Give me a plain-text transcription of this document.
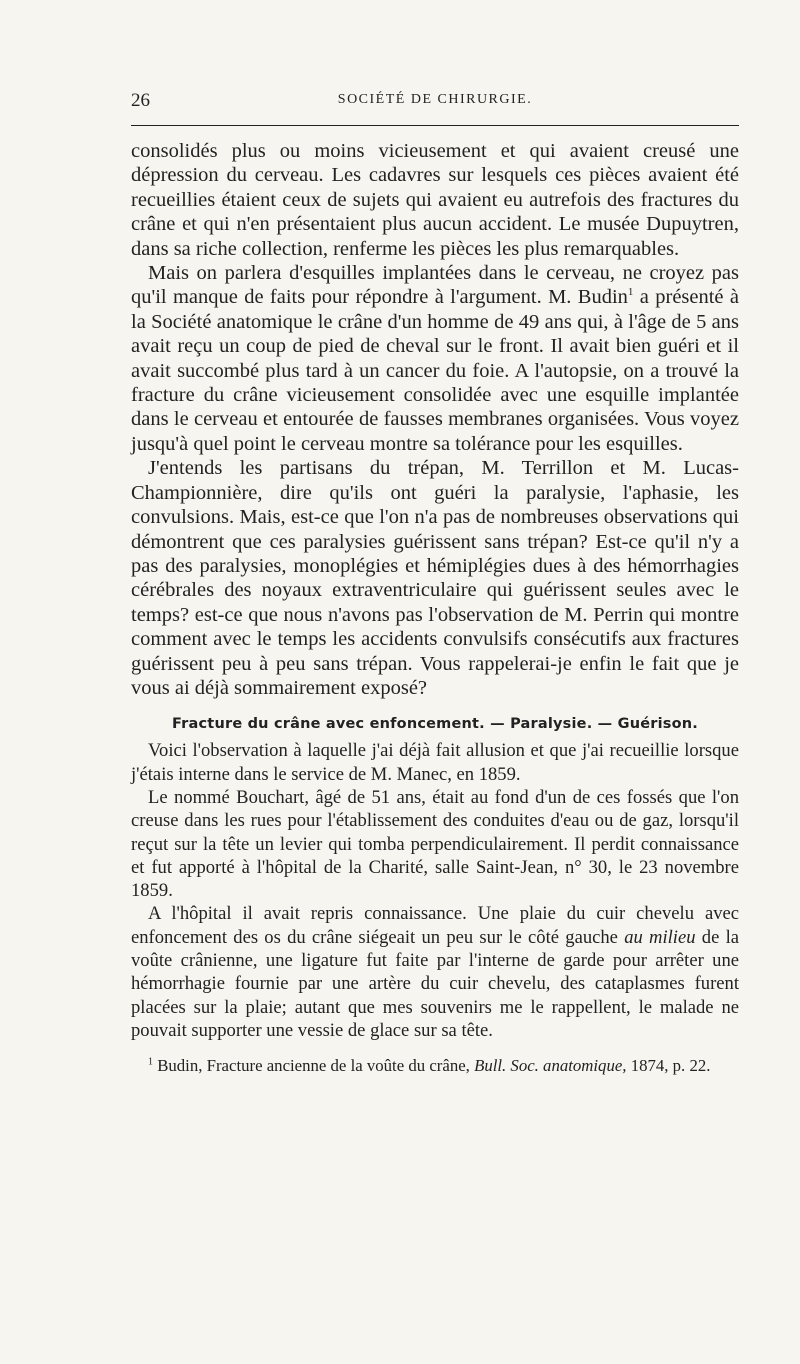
26	SOCIÉTÉ DE CHIRURGIE.

consolidés plus ou moins vicieusement et qui avaient creusé une dépression du cerveau. Les cadavres sur lesquels ces pièces avaient été recueillies étaient ceux de sujets qui avaient eu autrefois des fractures du crâne et qui n'en présentaient plus aucun accident. Le musée Dupuytren, dans sa riche collection, renferme les pièces les plus remarquables.

Mais on parlera d'esquilles implantées dans le cerveau, ne croyez pas qu'il manque de faits pour répondre à l'argument. M. Budin$^1$ a présenté à la Société anatomique le crâne d'un homme de 49 ans qui, à l'âge de 5 ans avait reçu un coup de pied de cheval sur le front. Il avait bien guéri et il avait succombé plus tard à un cancer du foie. A l'autopsie, on a trouvé la fracture du crâne vicieusement consolidée avec une esquille implantée dans le cerveau et entourée de fausses membranes organisées. Vous voyez jusqu'à quel point le cerveau montre sa tolérance pour les esquilles.

J'entends les partisans du trépan, M. Terrillon et M. Lucas-Championnière, dire qu'ils ont guéri la paralysie, l'aphasie, les convulsions. Mais, est-ce que l'on n'a pas de nombreuses observations qui démontrent que ces paralysies guérissent sans trépan? Est-ce qu'il n'y a pas des paralysies, monoplégies et hémiplégies dues à des hémorrhagies cérébrales des noyaux extraventriculaire qui guérissent seules avec le temps? est-ce que nous n'avons pas l'observation de M. Perrin qui montre comment avec le temps les accidents convulsifs consécutifs aux fractures guérissent peu à peu sans trépan. Vous rappelerai-je enfin le fait que je vous ai déjà sommairement exposé?

Fracture du crâne avec enfoncement. — Paralysie. — Guérison.

Voici l'observation à laquelle j'ai déjà fait allusion et que j'ai recueillie lorsque j'étais interne dans le service de M. Manec, en 1859.

Le nommé Bouchart, âgé de 51 ans, était au fond d'un de ces fossés que l'on creuse dans les rues pour l'établissement des conduites d'eau ou de gaz, lorsqu'il reçut sur la tête un levier qui tomba perpendiculairement. Il perdit connaissance et fut apporté à l'hôpital de la Charité, salle Saint-Jean, n° 30, le 23 novembre 1859.

A l'hôpital il avait repris connaissance. Une plaie du cuir chevelu avec enfoncement des os du crâne siégeait un peu sur le côté gauche au milieu de la voûte crânienne, une ligature fut faite par l'interne de garde pour arrêter une hémorrhagie fournie par une artère du cuir chevelu, des cataplasmes furent placées sur la plaie; autant que mes souvenirs me le rappellent, le malade ne pouvait supporter une vessie de glace sur sa tête.

$^1$ Budin, Fracture ancienne de la voûte du crâne, Bull. Soc. anatomique, 1874, p. 22.
